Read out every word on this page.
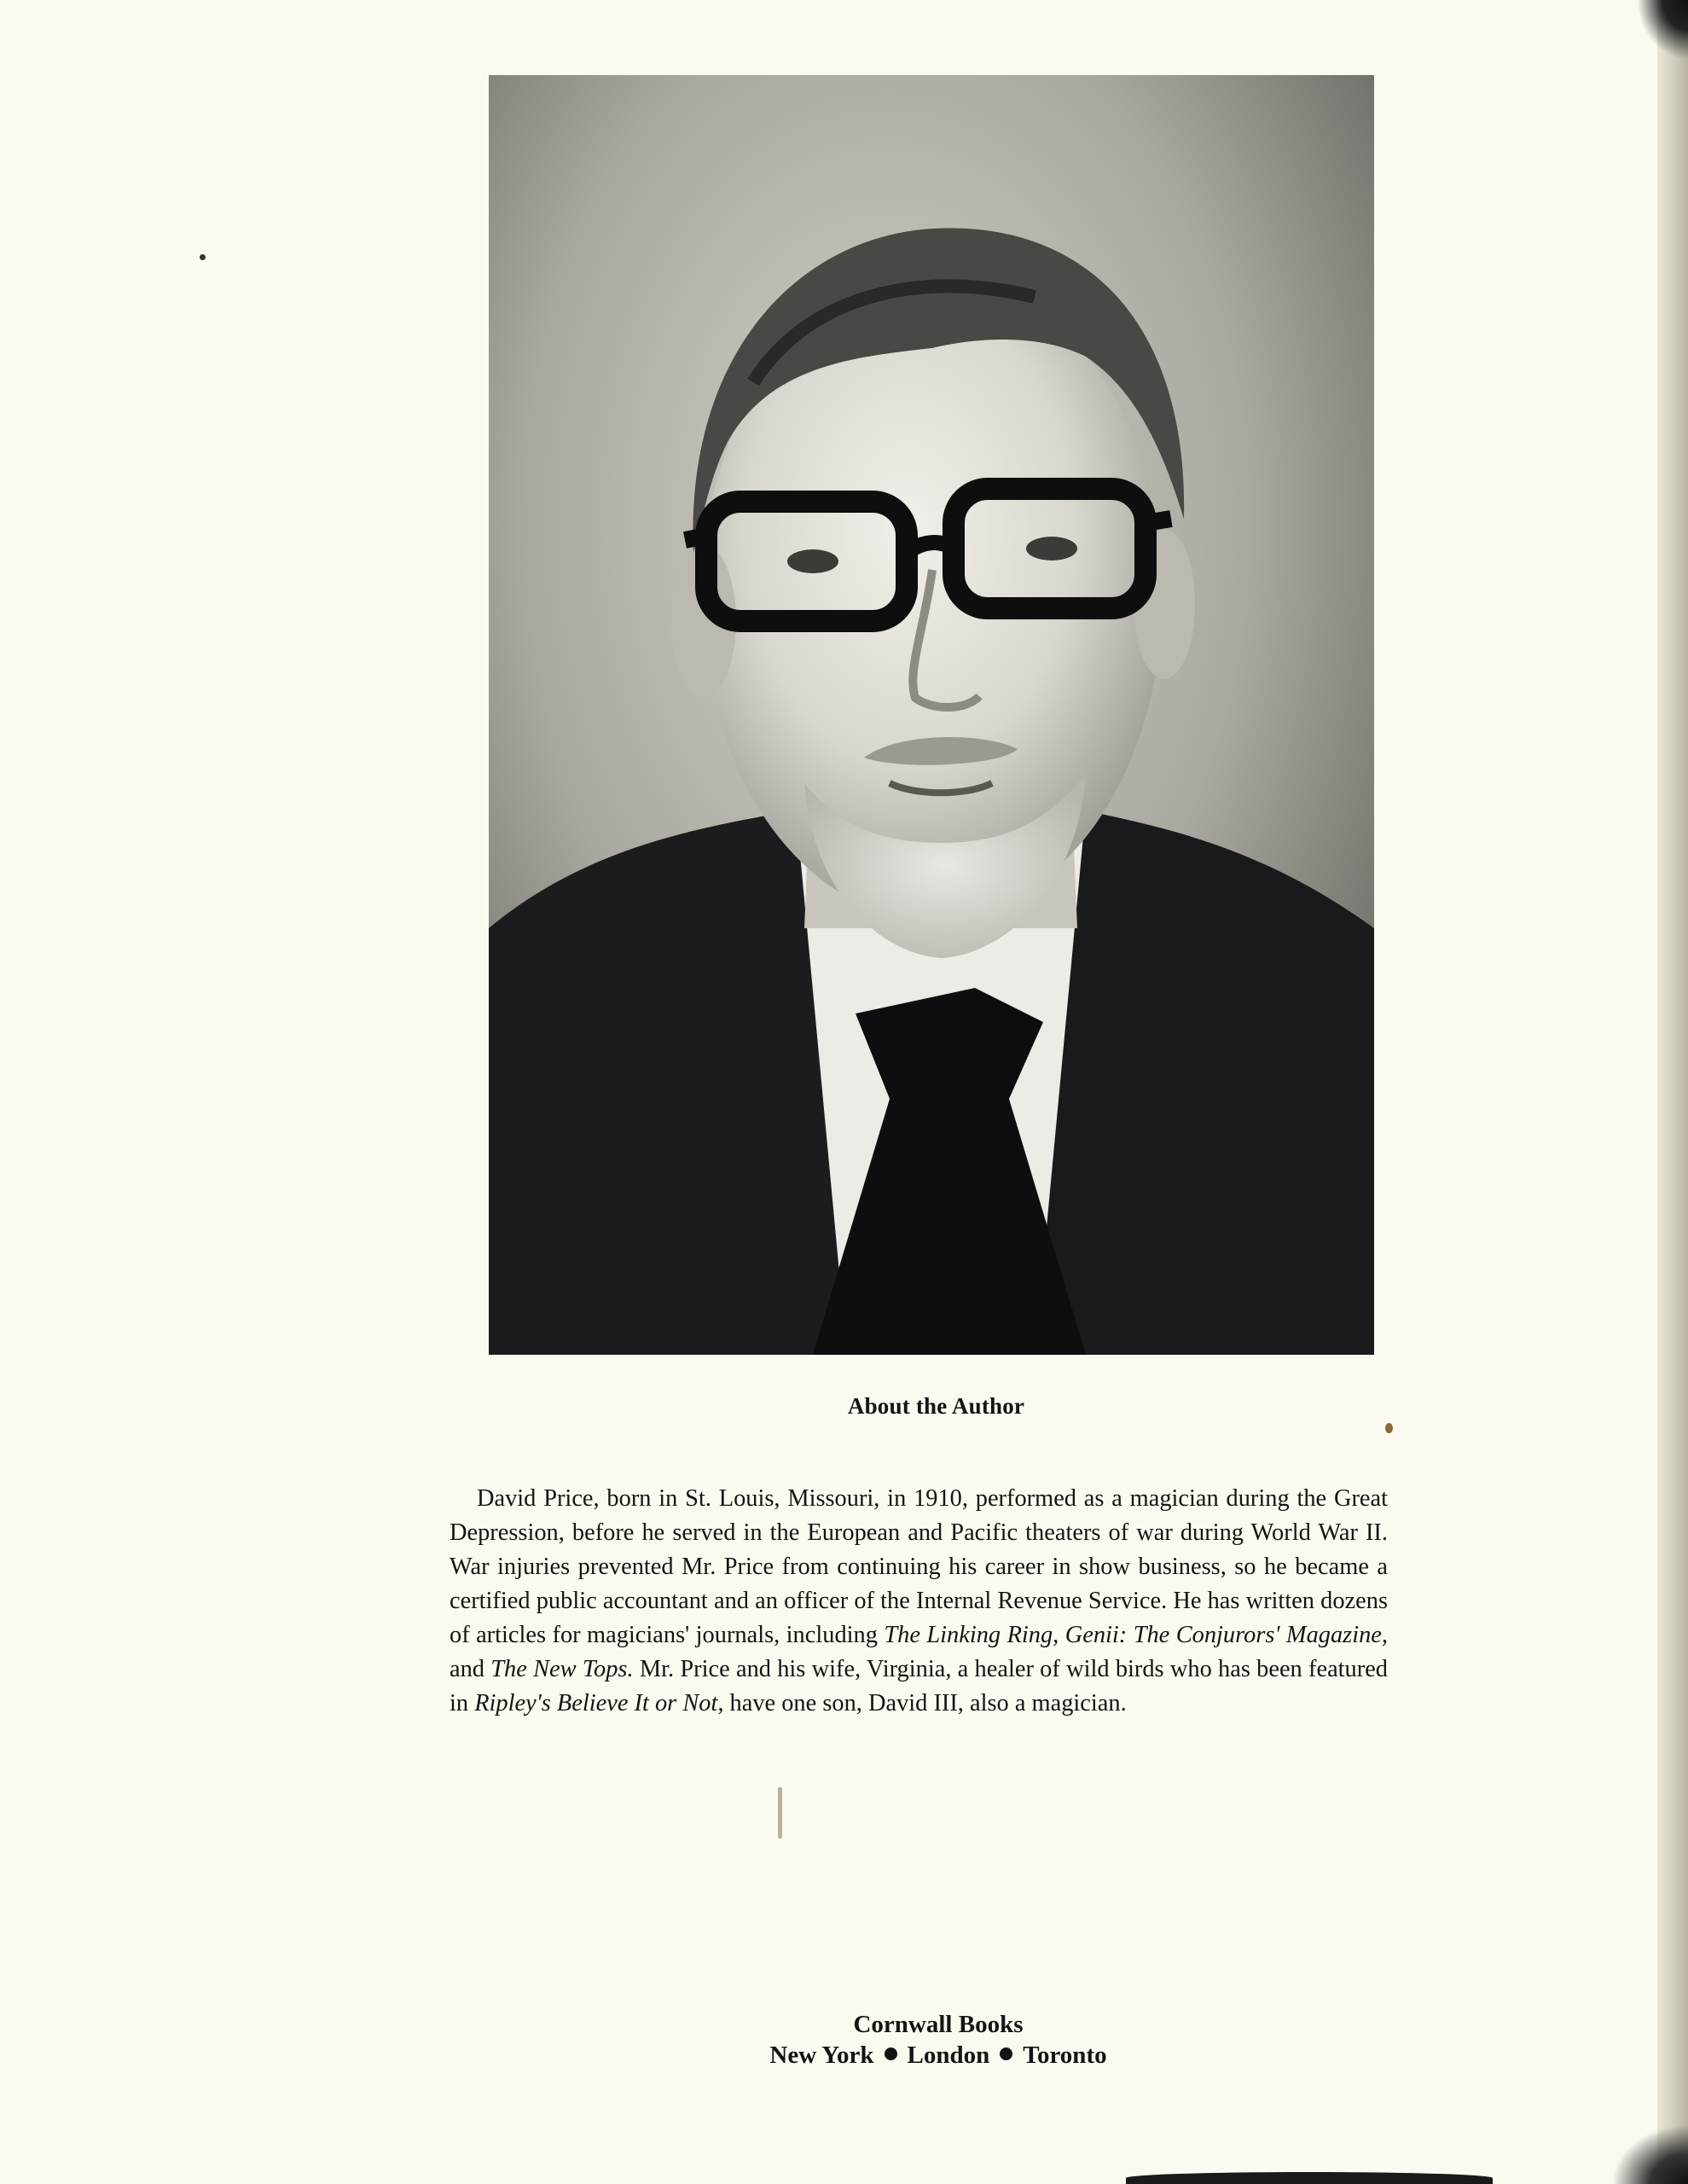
About the Author

David Price, born in St. Louis, Missouri, in 1910, performed as a magician during the Great Depression, before he served in the European and Pacific theaters of war during World War II. War injuries prevented Mr. Price from continuing his career in show business, so he became a certified public accountant and an officer of the Internal Revenue Service. He has written dozens of articles for magicians' journals, including The Linking Ring, Genii: The Conjurors' Magazine, and The New Tops. Mr. Price and his wife, Virginia, a healer of wild birds who has been featured in Ripley's Believe It or Not, have one son, David III, also a magician.

Cornwall Books
New York London Toronto
